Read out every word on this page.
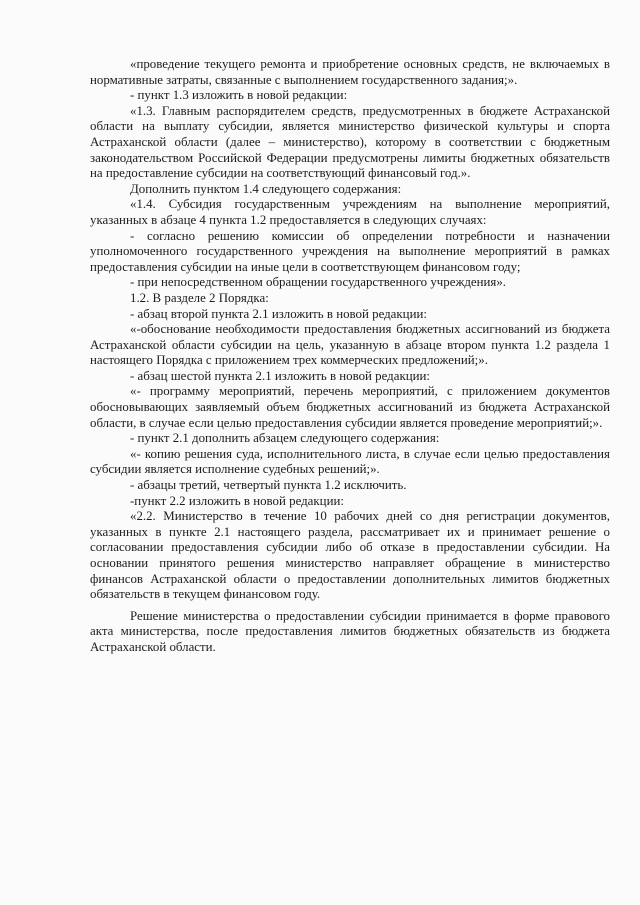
«проведение текущего ремонта и приобретение основных средств, не включаемых в нормативные затраты, связанные с выполнением государственного задания;».

- пункт 1.3 изложить в новой редакции:

«1.3. Главным распорядителем средств, предусмотренных в бюджете Астраханской области на выплату субсидии, является министерство физической культуры и спорта Астраханской области (далее – министерство), которому в соответствии с бюджетным законодательством Российской Федерации предусмотрены лимиты бюджетных обязательств на предоставление субсидии на соответствующий финансовый год.».

Дополнить пунктом 1.4 следующего содержания:

«1.4. Субсидия государственным учреждениям на выполнение мероприятий, указанных в абзаце 4 пункта 1.2 предоставляется в следующих случаях:

- согласно решению комиссии об определении потребности и назначении уполномоченного государственного учреждения на выполнение мероприятий в рамках предоставления субсидии на иные цели в соответствующем финансовом году;

- при непосредственном обращении государственного учреждения».

1.2. В разделе 2 Порядка:

- абзац второй пункта 2.1 изложить в новой редакции:

«-обоснование необходимости предоставления бюджетных ассигнований из бюджета Астраханской области субсидии на цель, указанную в абзаце втором пункта 1.2 раздела 1 настоящего Порядка с приложением трех коммерческих предложений;».

- абзац шестой пункта 2.1 изложить в новой редакции:

«- программу мероприятий, перечень мероприятий, с приложением документов обосновывающих заявляемый объем бюджетных ассигнований из бюджета Астраханской области, в случае если целью предоставления субсидии является проведение мероприятий;».

- пункт 2.1 дополнить абзацем следующего содержания:

«- копию решения суда, исполнительного листа, в случае если целью предоставления субсидии является исполнение судебных решений;».

- абзацы третий, четвертый пункта 1.2 исключить.

-пункт 2.2 изложить в новой редакции:

«2.2. Министерство в течение 10 рабочих дней со дня регистрации документов, указанных в пункте 2.1 настоящего раздела, рассматривает их и принимает решение о согласовании предоставления субсидии либо об отказе в предоставлении субсидии. На основании принятого решения министерство направляет обращение в министерство финансов Астраханской области о предоставлении дополнительных лимитов бюджетных обязательств в текущем финансовом году.

Решение министерства о предоставлении субсидии принимается в форме правового акта министерства, после предоставления лимитов бюджетных обязательств из бюджета Астраханской области.
